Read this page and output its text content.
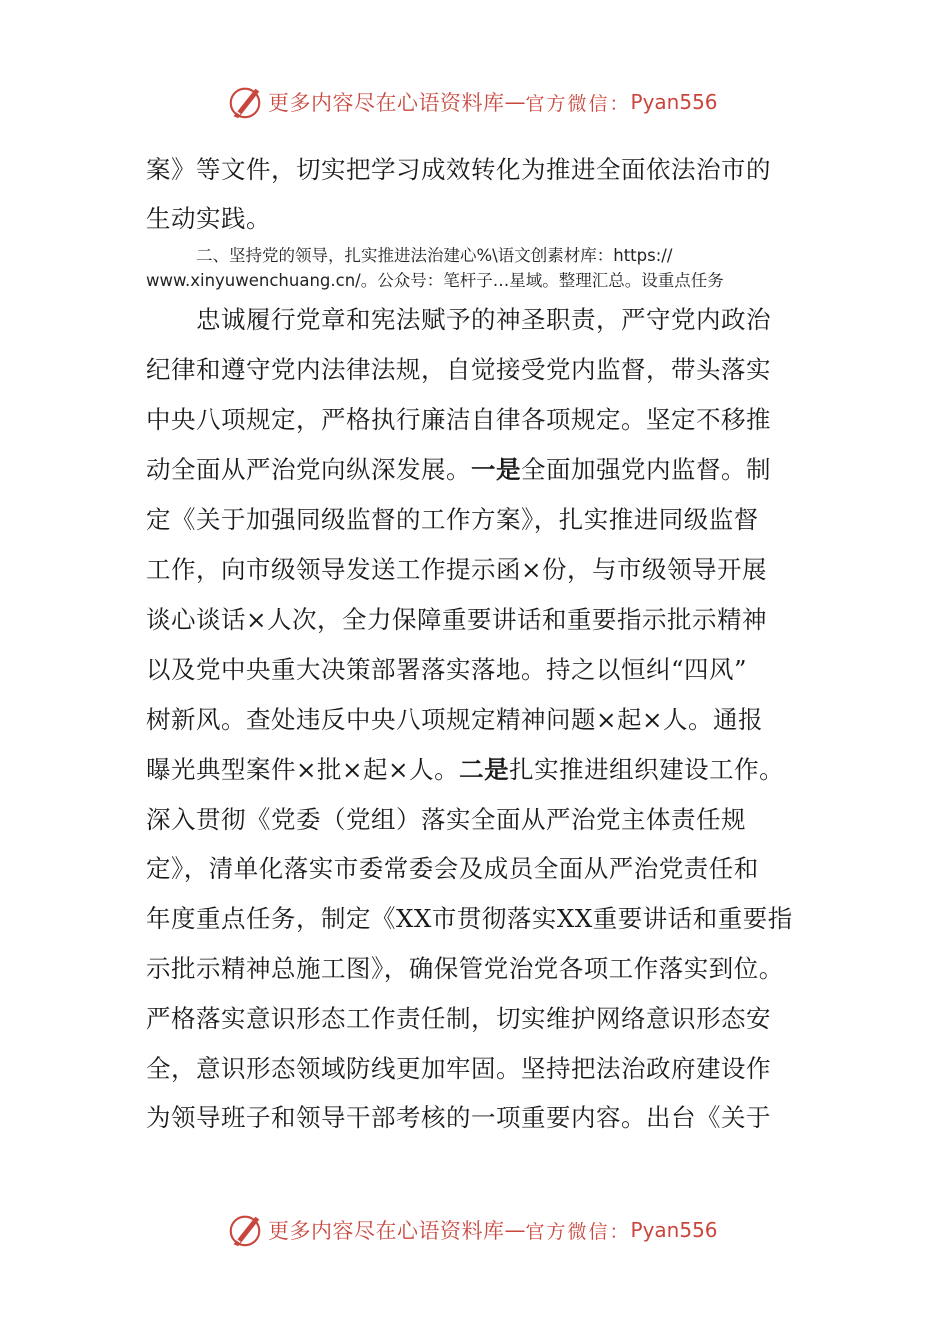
更多内容尽在心语资料库 — 官方微信： Pyan556
案》等文件，切实把学习成效转化为推进全面依法治市的
生动实践。
二、坚持党的领导，扎实推进法治建心%\语文创素材库：https://
www.xinyuwenchuang.cn/。公众号：笔杆子…星域。整理汇总。设重点任务
忠诚履行党章和宪法赋予的神圣职责，严守党内政治
纪律和遵守党内法律法规，自觉接受党内监督，带头落实
中央八项规定，严格执行廉洁自律各项规定。坚定不移推
动全面从严治党向纵深发展。一是全面加强党内监督。制
定《关于加强同级监督的工作方案》，扎实推进同级监督
工作，向市级领导发送工作提示函×份，与市级领导开展
谈心谈话×人次，全力保障重要讲话和重要指示批示精神
以及党中央重大决策部署落实落地。持之以恒纠“四风”
树新风。查处违反中央八项规定精神问题×起×人。通报
曝光典型案件×批×起×人。二是扎实推进组织建设工作。
深入贯彻《党委（党组）落实全面从严治党主体责任规
定》，清单化落实市委常委会及成员全面从严治党责任和
年度重点任务，制定《XX市贯彻落实XX重要讲话和重要指
示批示精神总施工图》，确保管党治党各项工作落实到位。
严格落实意识形态工作责任制，切实维护网络意识形态安
全，意识形态领域防线更加牢固。坚持把法治政府建设作
为领导班子和领导干部考核的一项重要内容。出台《关于
更多内容尽在心语资料库 — 官方微信： Pyan556
